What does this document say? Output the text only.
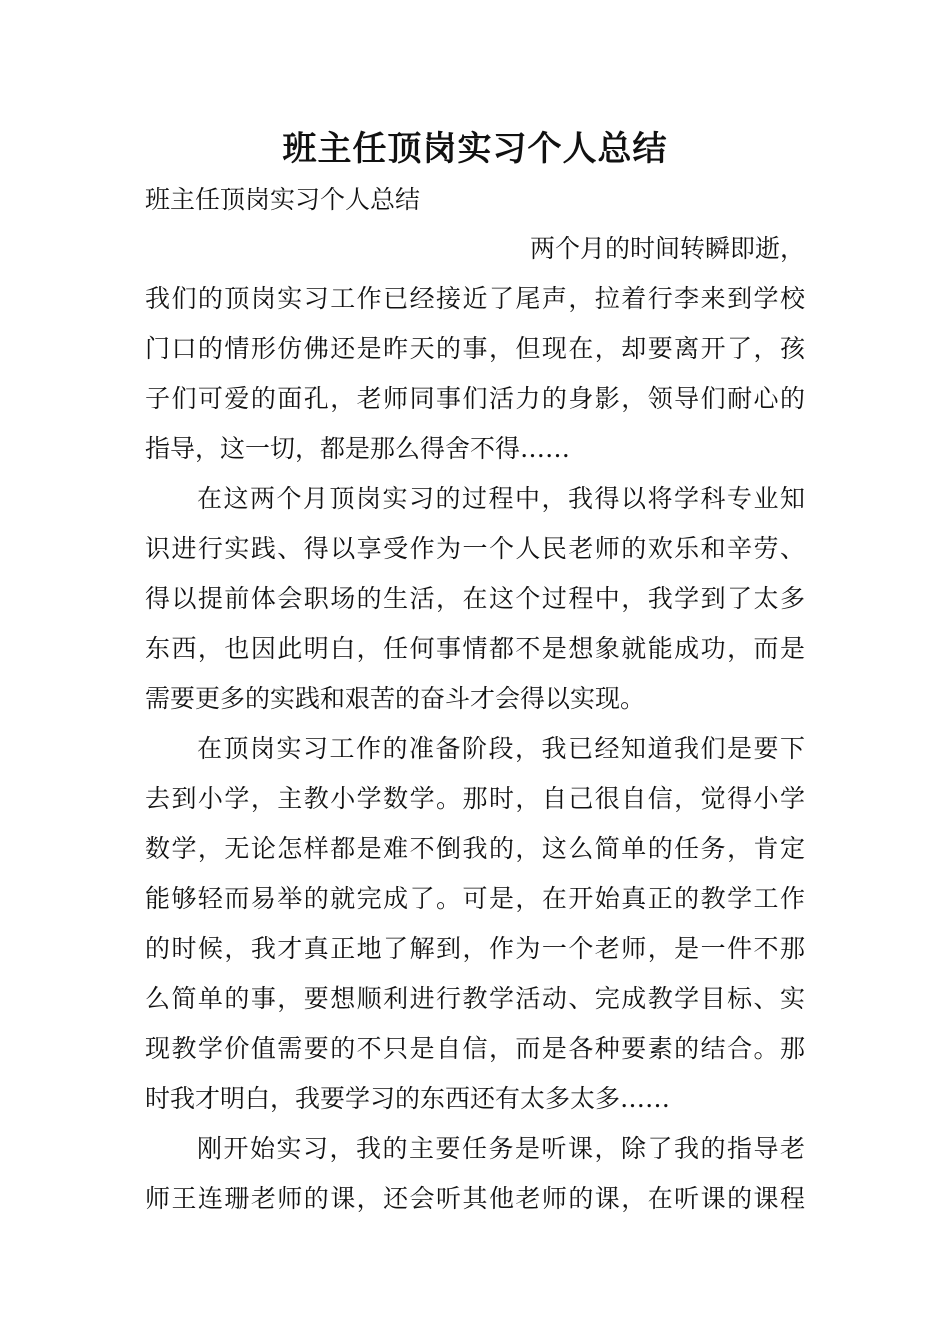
班主任顶岗实习个人总结

班主任顶岗实习个人总结

两个月的时间转瞬即逝，
我们的顶岗实习工作已经接近了尾声，拉着行李来到学校
门口的情形仿佛还是昨天的事，但现在，却要离开了，孩
子们可爱的面孔，老师同事们活力的身影，领导们耐心的
指导，这一切，都是那么得舍不得……
在这两个月顶岗实习的过程中，我得以将学科专业知
识进行实践、得以享受作为一个人民老师的欢乐和辛劳、
得以提前体会职场的生活，在这个过程中，我学到了太多
东西，也因此明白，任何事情都不是想象就能成功，而是
需要更多的实践和艰苦的奋斗才会得以实现。
在顶岗实习工作的准备阶段，我已经知道我们是要下
去到小学，主教小学数学。那时，自己很自信，觉得小学
数学，无论怎样都是难不倒我的，这么简单的任务，肯定
能够轻而易举的就完成了。可是，在开始真正的教学工作
的时候，我才真正地了解到，作为一个老师，是一件不那
么简单的事，要想顺利进行教学活动、完成教学目标、实
现教学价值需要的不只是自信，而是各种要素的结合。那
时我才明白，我要学习的东西还有太多太多……
刚开始实习，我的主要任务是听课，除了我的指导老
师王连珊老师的课，还会听其他老师的课，在听课的课程
